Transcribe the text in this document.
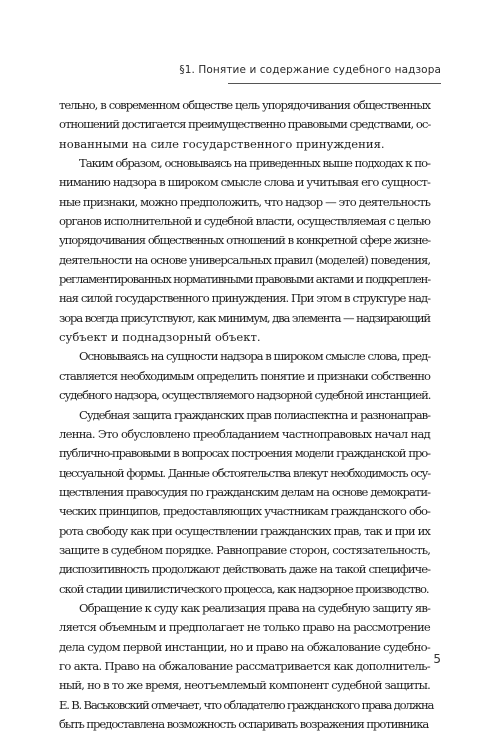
§1. Понятие и содержание судебного надзора
тельно, в современном обществе цель упорядочивания общественных
отношений достигается преимущественно правовыми средствами, ос-
нованными на силе государственного принуждения.
Таким образом, основываясь на приведенных выше подходах к по-
ниманию надзора в широком смысле слова и учитывая его сущност-
ные признаки, можно предположить, что надзор — это деятельность
органов исполнительной и судебной власти, осуществляемая с целью
упорядочивания общественных отношений в конкретной сфере жизне-
деятельности на основе универсальных правил (моделей) поведения,
регламентированных нормативными правовыми актами и подкреплен-
ная силой государственного принуждения. При этом в структуре над-
зора всегда присутствуют, как минимум, два элемента — надзирающий
субъект и поднадзорный объект.
Основываясь на сущности надзора в широком смысле слова, пред-
ставляется необходимым определить понятие и признаки собственно
судебного надзора, осуществляемого надзорной судебной инстанцией.
Судебная защита гражданских прав полиаспектна и разнонаправ-
ленна. Это обусловлено преобладанием частноправовых начал над
публично-правовыми в вопросах построения модели гражданской про-
цессуальной формы. Данные обстоятельства влекут необходимость осу-
ществления правосудия по гражданским делам на основе демократи-
ческих принципов, предоставляющих участникам гражданского обо-
рота свободу как при осуществлении гражданских прав, так и при их
защите в судебном порядке. Равноправие сторон, состязательность,
диспозитивность продолжают действовать даже на такой специфиче-
ской стадии цивилистического процесса, как надзорное производство.
Обращение к суду как реализация права на судебную защиту яв-
ляется объемным и предполагает не только право на рассмотрение
дела судом первой инстанции, но и право на обжалование судебно-
го акта. Право на обжалование рассматривается как дополнитель-
ный, но в то же время, неотъемлемый компонент судебной защиты.
Е. В. Васьковский отмечает, что обладателю гражданского права должна
быть предоставлена возможность оспаривать возражения противника
5
